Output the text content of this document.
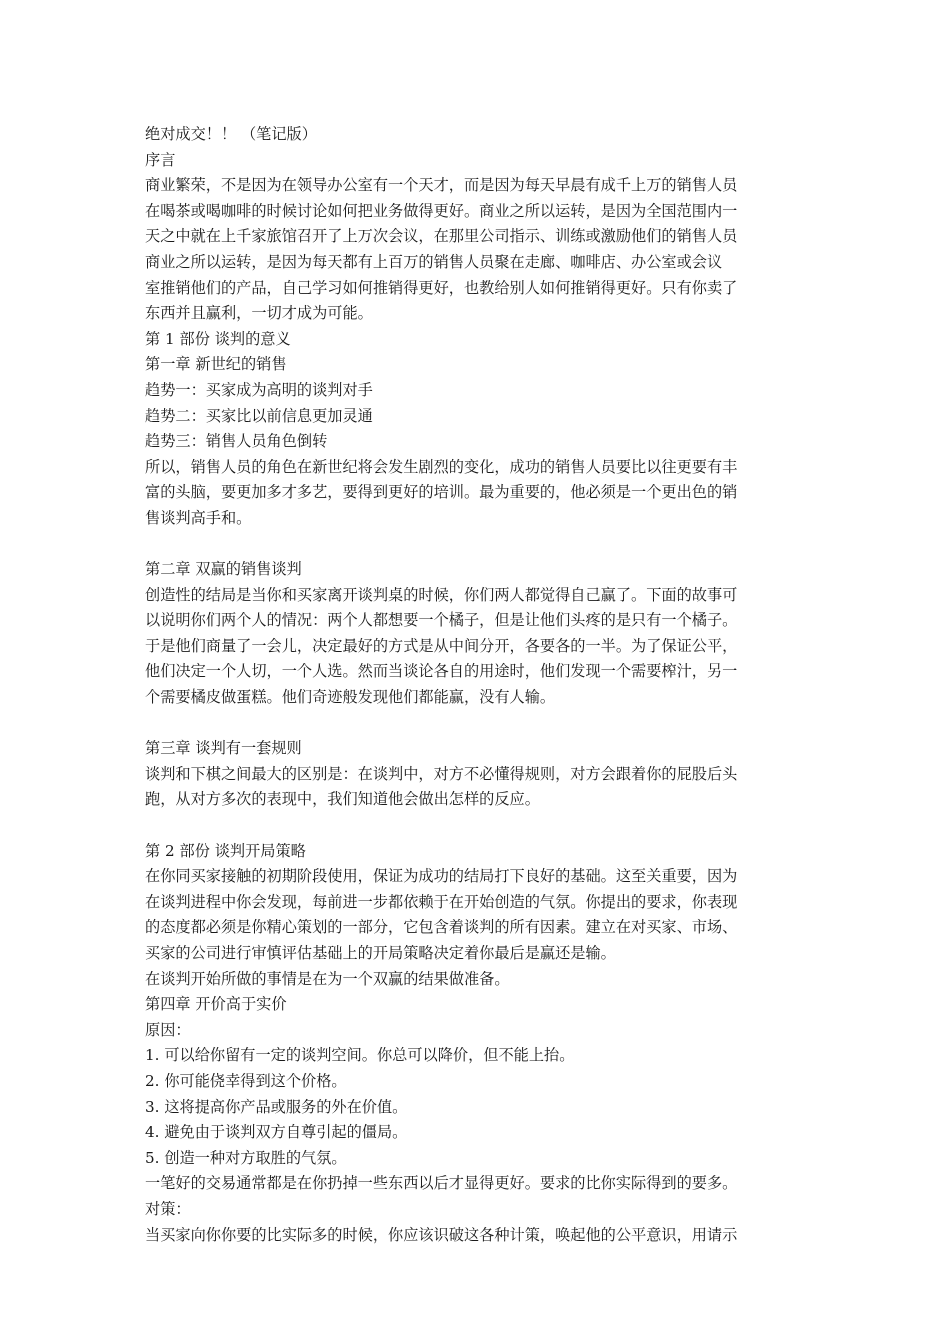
绝对成交！！ （笔记版）
序言
商业繁荣，不是因为在领导办公室有一个天才，而是因为每天早晨有成千上万的销售人员
在喝茶或喝咖啡的时候讨论如何把业务做得更好。商业之所以运转，是因为全国范围内一
天之中就在上千家旅馆召开了上万次会议，在那里公司指示、训练或激励他们的销售人员
商业之所以运转，是因为每天都有上百万的销售人员聚在走廊、咖啡店、办公室或会议
室推销他们的产品，自己学习如何推销得更好，也教给别人如何推销得更好。只有你卖了
东西并且赢利，一切才成为可能。
第 1 部份 谈判的意义
第一章 新世纪的销售
趋势一：买家成为高明的谈判对手
趋势二：买家比以前信息更加灵通
趋势三：销售人员角色倒转
所以，销售人员的角色在新世纪将会发生剧烈的变化，成功的销售人员要比以往更要有丰
富的头脑，要更加多才多艺，要得到更好的培训。最为重要的，他必须是一个更出色的销
售谈判高手和。
第二章 双赢的销售谈判
创造性的结局是当你和买家离开谈判桌的时候，你们两人都觉得自己赢了。下面的故事可
以说明你们两个人的情况：两个人都想要一个橘子，但是让他们头疼的是只有一个橘子。
于是他们商量了一会儿，决定最好的方式是从中间分开，各要各的一半。为了保证公平，
他们决定一个人切，一个人选。然而当谈论各自的用途时，他们发现一个需要榨汁，另一
个需要橘皮做蛋糕。他们奇迹般发现他们都能赢，没有人输。
第三章 谈判有一套规则
谈判和下棋之间最大的区别是：在谈判中，对方不必懂得规则，对方会跟着你的屁股后头
跑，从对方多次的表现中，我们知道他会做出怎样的反应。
第 2 部份 谈判开局策略
在你同买家接触的初期阶段使用，保证为成功的结局打下良好的基础。这至关重要，因为
在谈判进程中你会发现，每前进一步都依赖于在开始创造的气氛。你提出的要求，你表现
的态度都必须是你精心策划的一部分，它包含着谈判的所有因素。建立在对买家、市场、
买家的公司进行审慎评估基础上的开局策略决定着你最后是赢还是输。
在谈判开始所做的事情是在为一个双赢的结果做准备。
第四章 开价高于实价
原因：
1. 可以给你留有一定的谈判空间。你总可以降价，但不能上抬。
2. 你可能侥幸得到这个价格。
3. 这将提高你产品或服务的外在价值。
4. 避免由于谈判双方自尊引起的僵局。
5. 创造一种对方取胜的气氛。
一笔好的交易通常都是在你扔掉一些东西以后才显得更好。要求的比你实际得到的要多。
对策：
当买家向你你要的比实际多的时候，你应该识破这各种计策，唤起他的公平意识，用请示
